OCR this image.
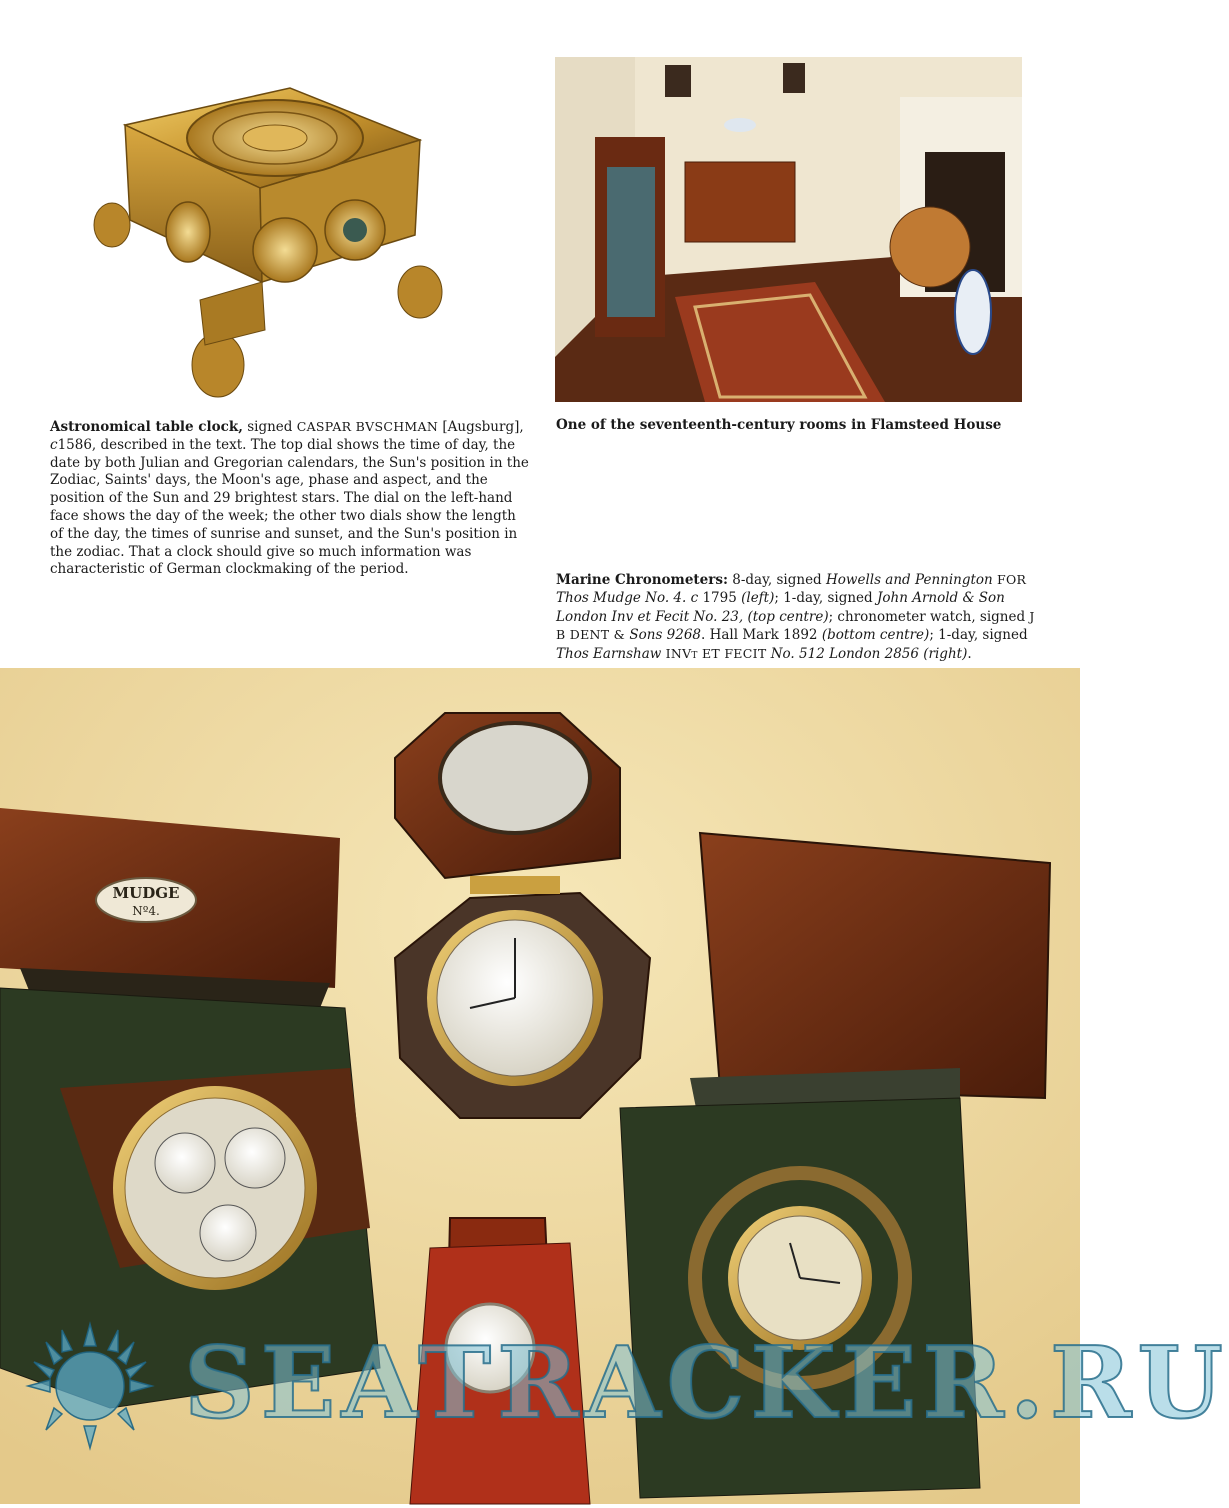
Astronomical table clock, signed CASPAR BVSCHMAN [Augsburg], c1586, described in the text. The top dial shows the time of day, the date by both Julian and Gregorian calendars, the Sun's position in the Zodiac, Saints' days, the Moon's age, phase and aspect, and the position of the Sun and 29 brightest stars. The dial on the left-hand face shows the day of the week; the other two dials show the length of the day, the times of sunrise and sunset, and the Sun's position in the zodiac. That a clock should give so much information was characteristic of German clockmaking of the period.
One of the seventeenth-century rooms in Flamsteed House
Marine Chronometers: 8-day, signed Howells and Pennington FOR Thos Mudge No. 4. c 1795 (left); 1-day, signed John Arnold & Son London Inv et Fecit No. 23, (top centre); chronometer watch, signed J B DENT & Sons 9268. Hall Mark 1892 (bottom centre); 1-day, signed Thos Earnshaw INVt ET FECIT No. 512 London 2856 (right).
MUDGE
Nº4.
SEATRACKER.RU
